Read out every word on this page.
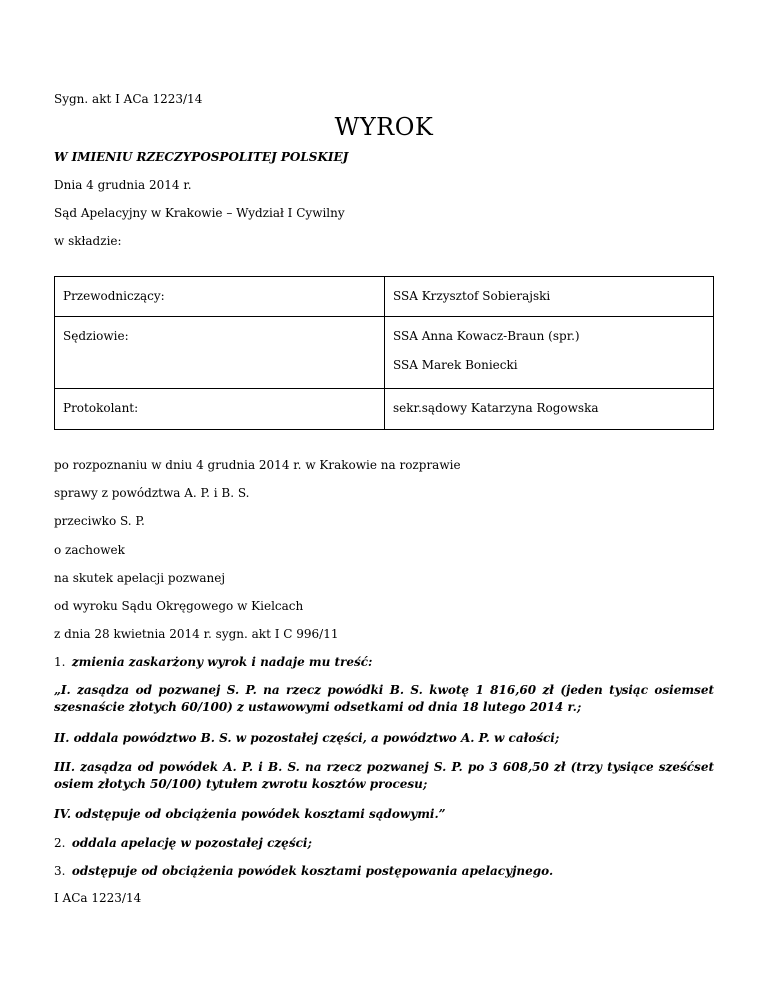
Sygn. akt I ACa 1223/14
WYROK
W IMIENIU RZECZYPOSPOLITEJ POLSKIEJ
Dnia 4 grudnia 2014 r.
Sąd Apelacyjny w Krakowie – Wydział I Cywilny
w składzie:
Przewodniczący:	SSA Krzysztof Sobierajski

Sędziowie:	SSA Anna Kowacz-Braun (spr.)
SSA Marek Boniecki

Protokolant:	sekr.sądowy Katarzyna Rogowska
po rozpoznaniu w dniu 4 grudnia 2014 r. w Krakowie na rozprawie
sprawy z powództwa A. P. i B. S.
przeciwko S. P.
o zachowek
na skutek apelacji pozwanej
od wyroku Sądu Okręgowego w Kielcach
z dnia 28 kwietnia 2014 r. sygn. akt I C 996/11
1. zmienia zaskarżony wyrok i nadaje mu treść:
„I. zasądza od pozwanej S. P. na rzecz powódki B. S. kwotę 1 816,60 zł (jeden tysiąc osiemset szesnaście złotych 60/100) z ustawowymi odsetkami od dnia 18 lutego 2014 r.;
II. oddala powództwo B. S. w pozostałej części, a powództwo A. P. w całości;
III. zasądza od powódek A. P. i B. S. na rzecz pozwanej S. P. po 3 608,50 zł (trzy tysiące sześćset osiem złotych 50/100) tytułem zwrotu kosztów procesu;
IV. odstępuje od obciążenia powódek kosztami sądowymi.”
2. oddala apelację w pozostałej części;
3. odstępuje od obciążenia powódek kosztami postępowania apelacyjnego.
I ACa 1223/14
